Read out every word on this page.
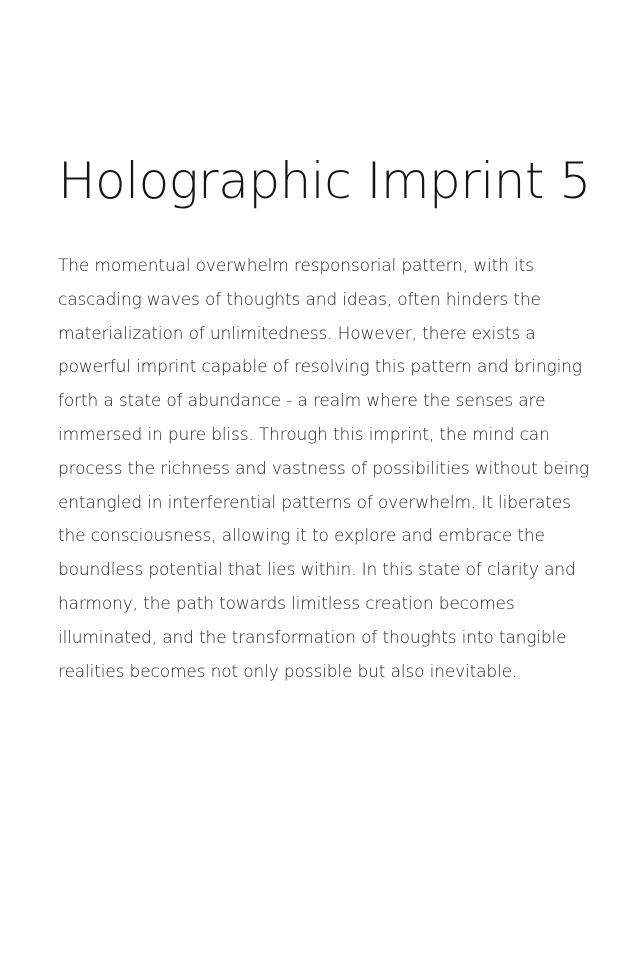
Holographic Imprint 5

The momentual overwhelm responsorial pattern, with its cascading waves of thoughts and ideas, often hinders the materialization of unlimitedness. However, there exists a powerful imprint capable of resolving this pattern and bringing forth a state of abundance - a realm where the senses are immersed in pure bliss. Through this imprint, the mind can process the richness and vastness of possibilities without being entangled in interferential patterns of overwhelm. It liberates the consciousness, allowing it to explore and embrace the boundless potential that lies within. In this state of clarity and harmony, the path towards limitless creation becomes illuminated, and the transformation of thoughts into tangible realities becomes not only possible but also inevitable.
